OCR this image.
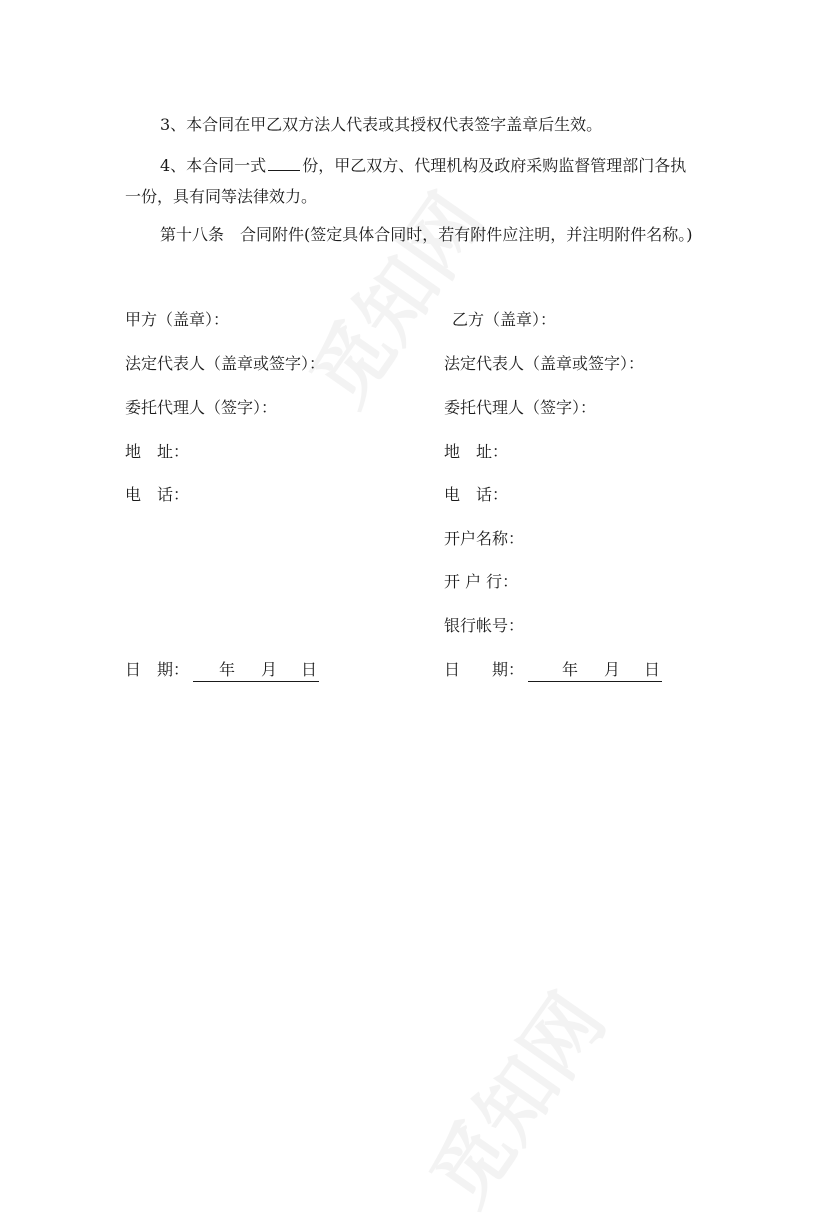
3、本合同在甲乙双方法人代表或其授权代表签字盖章后生效。
4、本合同一式 份，甲乙双方、代理机构及政府采购监督管理部门各执
一份，具有同等法律效力。
第十八条　合同附件(签定具体合同时，若有附件应注明，并注明附件名称。)
甲方（盖章）：
法定代表人（盖章或签字）：
委托代理人（签字）：
地　址：
电　话：
日　期： 年 月 日
乙方（盖章）：
法定代表人（盖章或签字）：
委托代理人（签字）：
地　址：
电　话：
开户名称：
开 户 行：
银行帐号：
日　　期： 年 月 日
